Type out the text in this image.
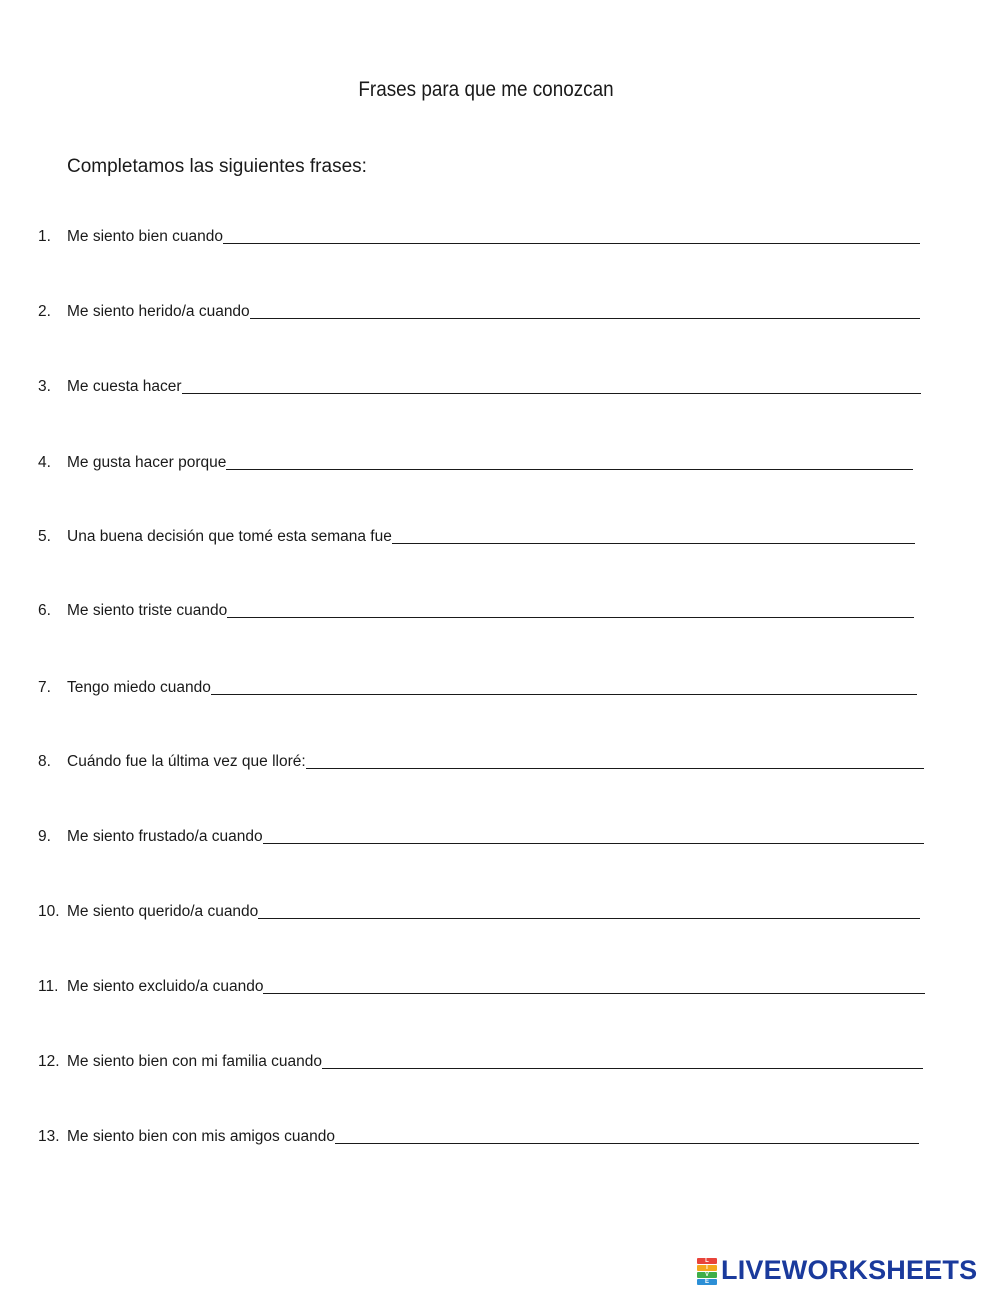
Frases para que me conozcan
Completamos las siguientes frases:
1. Me siento bien cuando
2. Me siento herido/a cuando
3. Me cuesta hacer
4. Me gusta hacer porque
5. Una buena decisión que tomé esta semana fue
6. Me siento triste cuando
7. Tengo miedo cuando
8. Cuándo fue la última vez que lloré:
9. Me siento frustado/a cuando
10. Me siento querido/a cuando
11. Me siento excluido/a cuando
12. Me siento bien con mi familia cuando
13. Me siento bien con mis amigos cuando
L
I
V
E LIVEWORKSHEETS
